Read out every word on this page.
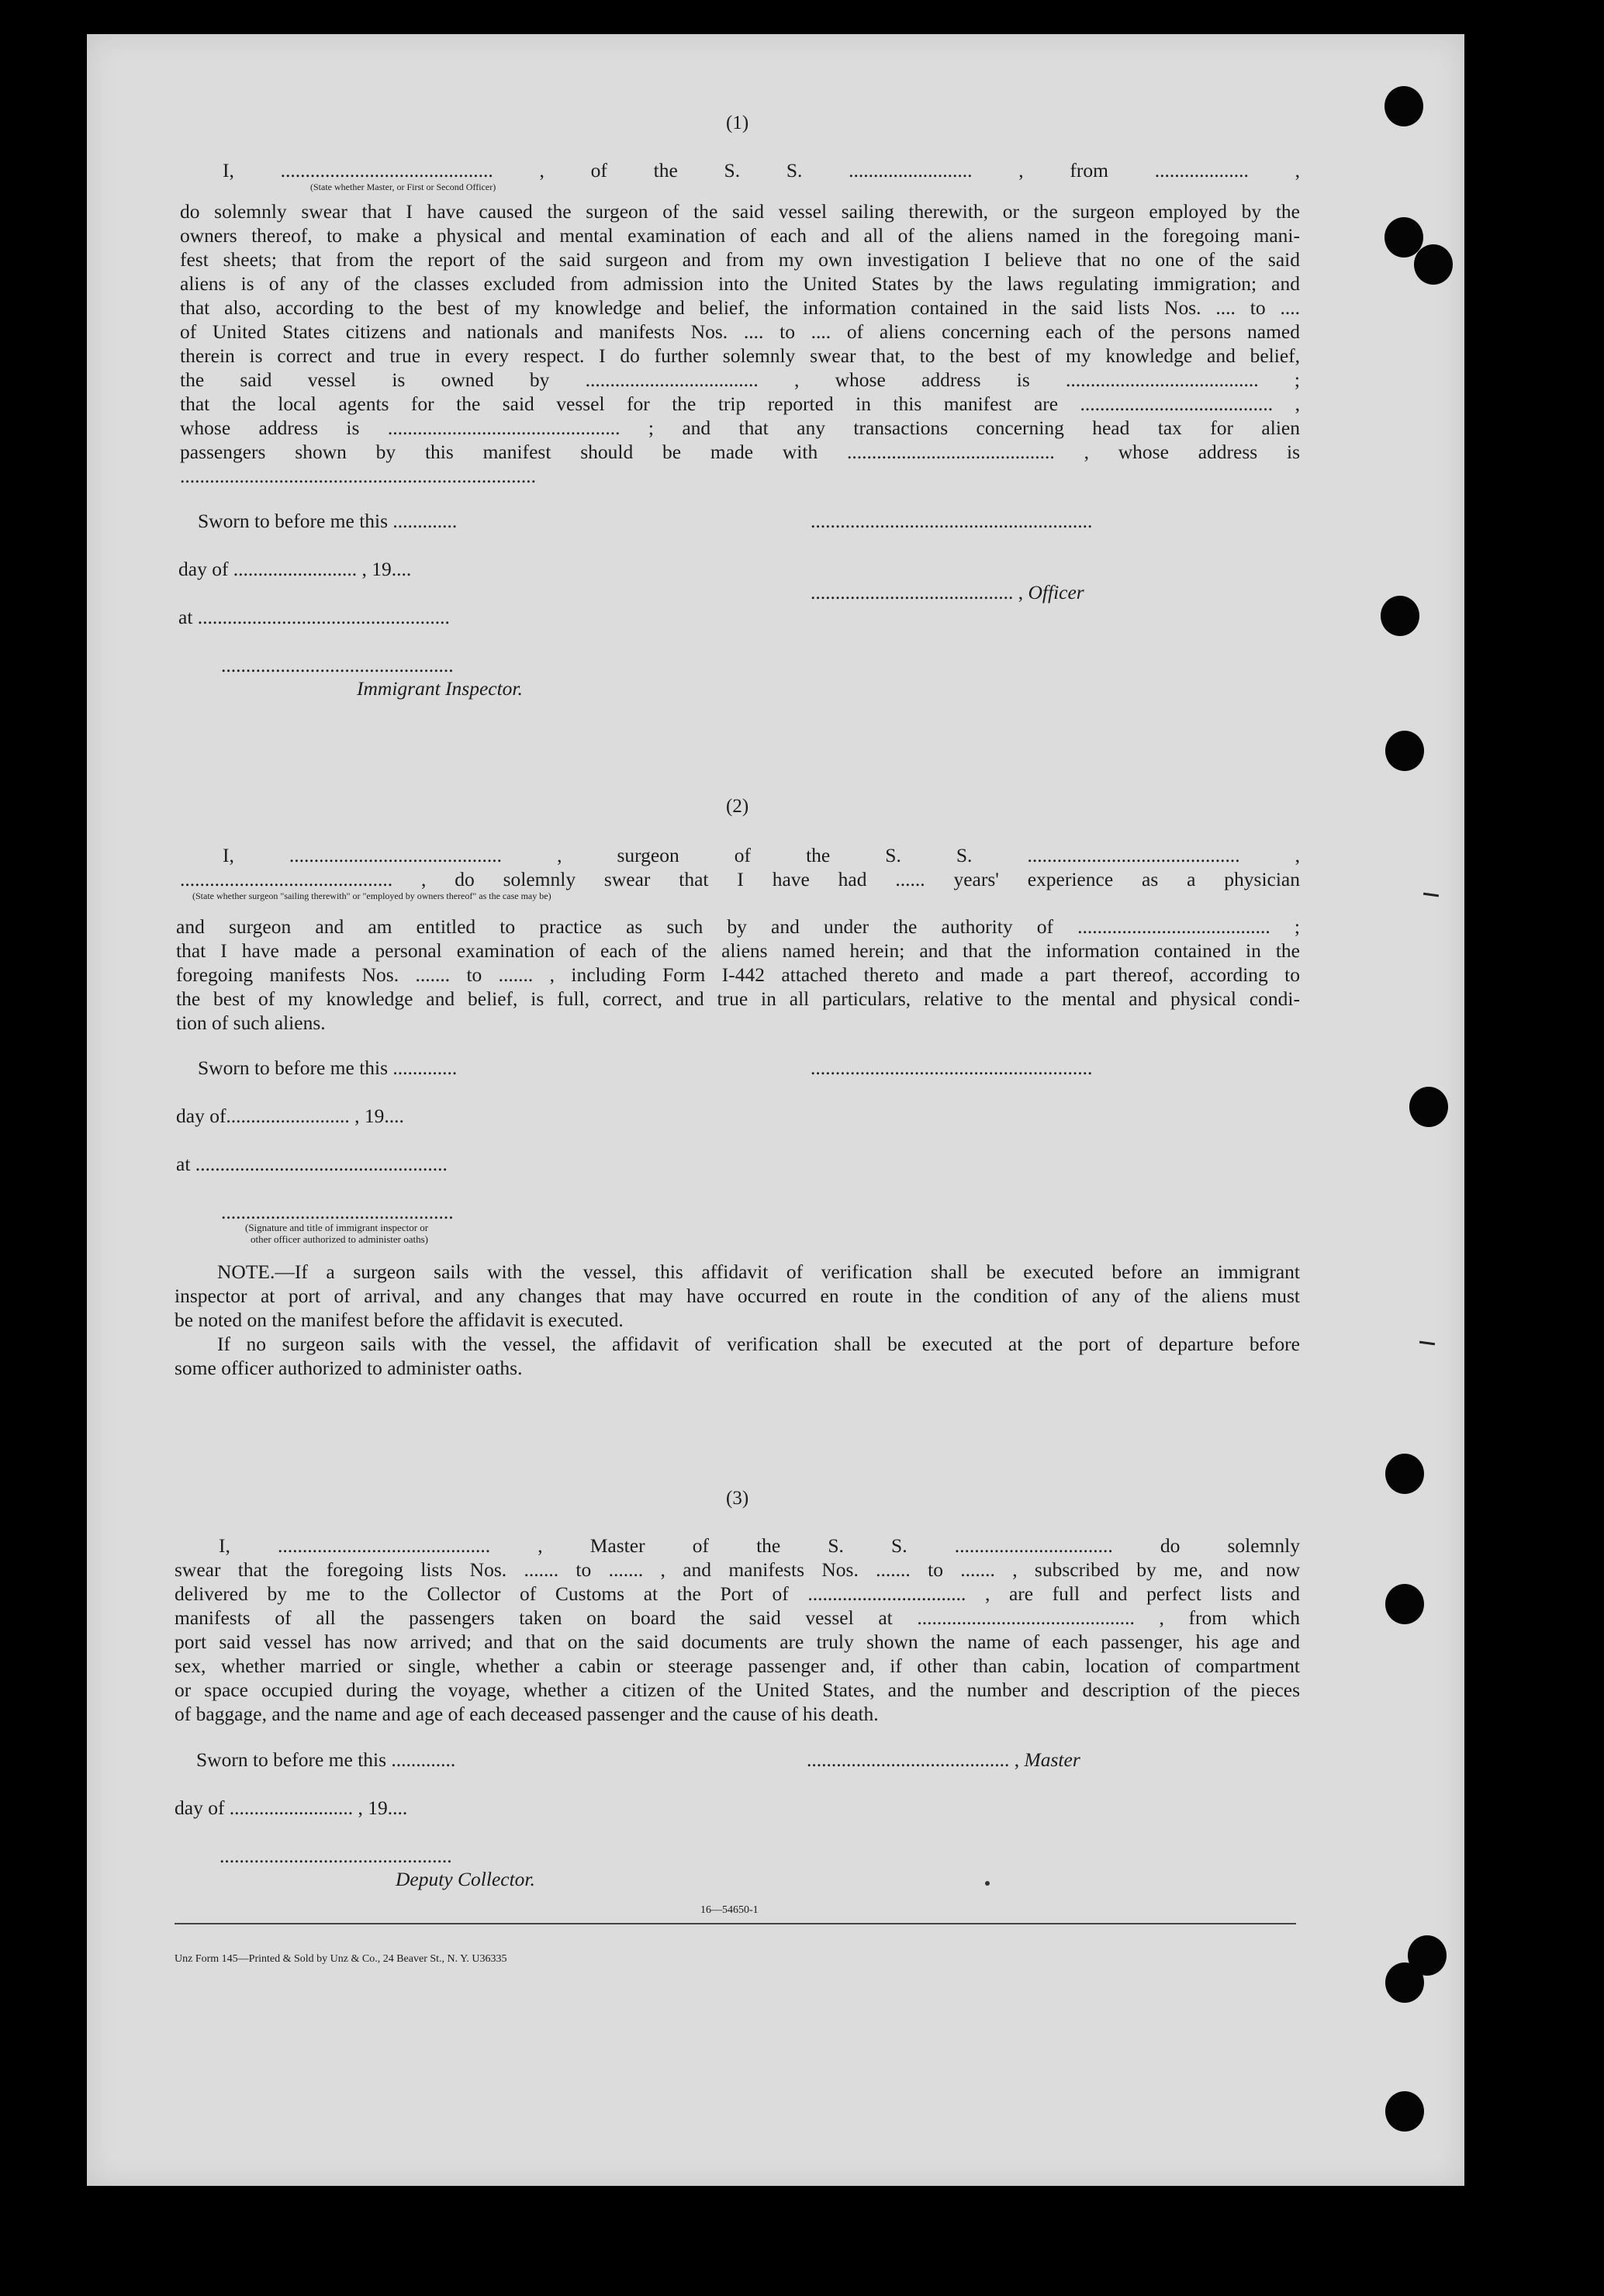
(1)
I, ........................................... , of the S. S. ......................... , from ................... ,
(State whether Master, or First or Second Officer)
do solemnly swear that I have caused the surgeon of the said vessel sailing therewith, or the surgeon employed by the
owners thereof, to make a physical and mental examination of each and all of the aliens named in the foregoing mani-
fest sheets; that from the report of the said surgeon and from my own investigation I believe that no one of the said
aliens is of any of the classes excluded from admission into the United States by the laws regulating immigration; and
that also, according to the best of my knowledge and belief, the information contained in the said lists Nos. .... to ....
of United States citizens and nationals and manifests Nos. .... to .... of aliens concerning each of the persons named
therein is correct and true in every respect. I do further solemnly swear that, to the best of my knowledge and belief,
the said vessel is owned by ................................... , whose address is ....................................... ;
that the local agents for the said vessel for the trip reported in this manifest are ....................................... ,
whose address is ............................................... ; and that any transactions concerning head tax for alien
passengers shown by this manifest should be made with .......................................... , whose address is
........................................................................
Sworn to before me this .............	.........................................................
day of ......................... , 19....
......................................... , Officer
at ...................................................
...............................................
Immigrant Inspector.
(2)
I, ........................................... , surgeon of the S. S. ........................................... ,
........................................... , do solemnly swear that I have had ...... years' experience as a physician
(State whether surgeon "sailing therewith" or "employed by owners thereof" as the case may be)
and surgeon and am entitled to practice as such by and under the authority of ....................................... ;
that I have made a personal examination of each of the aliens named herein; and that the information contained in the
foregoing manifests Nos. ....... to ....... , including Form I-442 attached thereto and made a part thereof, according to
the best of my knowledge and belief, is full, correct, and true in all particulars, relative to the mental and physical condi-
tion of such aliens.
Sworn to before me this .............	.........................................................
day of......................... , 19....
at ...................................................
...............................................
(Signature and title of immigrant inspector or
other officer authorized to administer oaths)
NOTE.—If a surgeon sails with the vessel, this affidavit of verification shall be executed before an immigrant
inspector at port of arrival, and any changes that may have occurred en route in the condition of any of the aliens must
be noted on the manifest before the affidavit is executed.
If no surgeon sails with the vessel, the affidavit of verification shall be executed at the port of departure before
some officer authorized to administer oaths.
(3)
I, ........................................... , Master of the S. S. ................................ do solemnly
swear that the foregoing lists Nos. ....... to ....... , and manifests Nos. ....... to ....... , subscribed by me, and now
delivered by me to the Collector of Customs at the Port of ................................ , are full and perfect lists and
manifests of all the passengers taken on board the said vessel at ............................................ , from which
port said vessel has now arrived; and that on the said documents are truly shown the name of each passenger, his age and
sex, whether married or single, whether a cabin or steerage passenger and, if other than cabin, location of compartment
or space occupied during the voyage, whether a citizen of the United States, and the number and description of the pieces
of baggage, and the name and age of each deceased passenger and the cause of his death.
Sworn to before me this .............	......................................... , Master
day of ......................... , 19....
...............................................
Deputy Collector.
16—54650-1
Unz Form 145—Printed & Sold by Unz & Co., 24 Beaver St., N. Y. U36335
